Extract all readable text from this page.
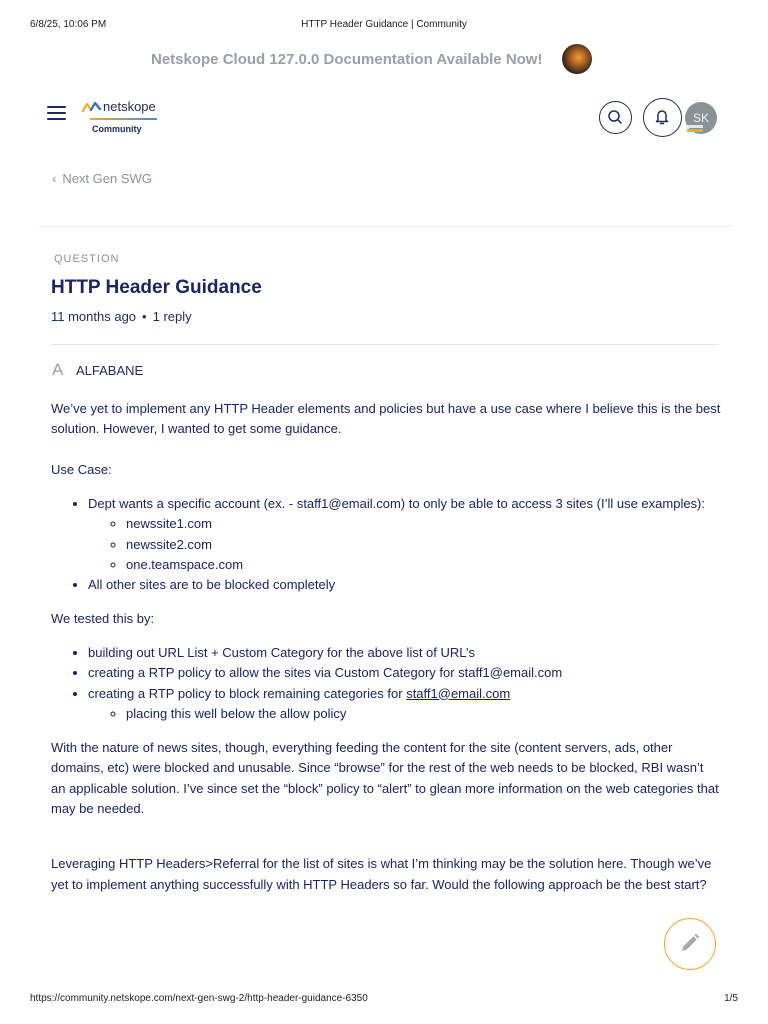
6/8/25, 10:06 PM	HTTP Header Guidance | Community
Netskope Cloud 127.0.0 Documentation Available Now!
netskope
Community
SK
‹ Next Gen SWG
QUESTION
HTTP Header Guidance
11 months ago • 1 reply
A ALFABANE

We’ve yet to implement any HTTP Header elements and policies but have a use case where I believe this is the best solution. However, I wanted to get some guidance.

Use Case:

• Dept wants a specific account (ex. - staff1@email.com) to only be able to access 3 sites (I’ll use examples):
◦ newssite1.com
◦ newssite2.com
◦ one.teamspace.com
• All other sites are to be blocked completely

We tested this by:

• building out URL List + Custom Category for the above list of URL’s
• creating a RTP policy to allow the sites via Custom Category for staff1@email.com
• creating a RTP policy to block remaining categories for staff1@email.com
◦ placing this well below the allow policy

With the nature of news sites, though, everything feeding the content for the site (content servers, ads, other domains, etc) were blocked and unusable. Since “browse” for the rest of the web needs to be blocked, RBI wasn’t an applicable solution. I’ve since set the “block” policy to “alert” to glean more information on the web categories that may be needed.

Leveraging HTTP Headers>Referral for the list of sites is what I’m thinking may be the solution here. Though we’ve yet to implement anything successfully with HTTP Headers so far. Would the following approach be the best start?

https://community.netskope.com/next-gen-swg-2/http-header-guidance-6350	1/5
